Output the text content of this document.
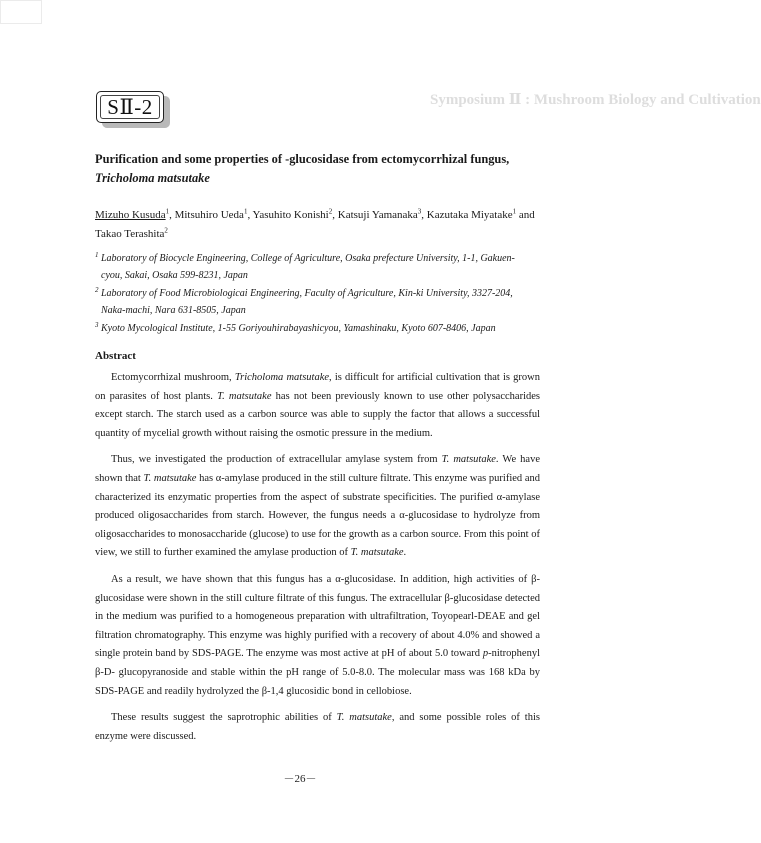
Symposium Ⅱ : Mushroom Biology and Cultivation
SⅡ-2
Purification and some properties of -glucosidase from ectomycorrhizal fungus,
Tricholoma matsutake
Mizuho Kusuda$^1$, Mitsuhiro Ueda$^1$, Yasuhito Konishi$^2$, Katsuji Yamanaka$^3$, Kazutaka Miyatake$^1$ and
Takao Terashita$^2$
1 Laboratory of Biocycle Engineering, College of Agriculture, Osaka prefecture University, 1-1, Gakuen-
cyou, Sakai, Osaka 599-8231, Japan
2 Laboratory of Food Microbiologicai Engineering, Faculty of Agriculture, Kin-ki University, 3327-204,
Naka-machi, Nara 631-8505, Japan
3 Kyoto Mycological Institute, 1-55 Goriyouhirabayashicyou, Yamashinaku, Kyoto 607-8406, Japan
Abstract

Ectomycorrhizal mushroom, Tricholoma matsutake, is difficult for artificial cultivation that is grown on parasites of host plants. T. matsutake has not been previously known to use other polysaccharides except starch. The starch used as a carbon source was able to supply the factor that allows a successful quantity of mycelial growth without raising the osmotic pressure in the medium.

Thus, we investigated the production of extracellular amylase system from T. matsutake. We have shown that T. matsutake has α-amylase produced in the still culture filtrate. This enzyme was purified and characterized its enzymatic properties from the aspect of substrate specificities. The purified α-amylase produced oligosaccharides from starch. However, the fungus needs a α-glucosidase to hydrolyze from oligosaccharides to monosaccharide (glucose) to use for the growth as a carbon source. From this point of view, we still to further examined the amylase production of T. matsutake.

As a result, we have shown that this fungus has a α-glucosidase. In addition, high activities of β-glucosidase were shown in the still culture filtrate of this fungus. The extracellular β-glucosidase detected in the medium was purified to a homogeneous preparation with ultrafiltration, Toyopearl-DEAE and gel filtration chromatography. This enzyme was highly purified with a recovery of about 4.0% and showed a single protein band by SDS-PAGE. The enzyme was most active at pH of about 5.0 toward p-nitrophenyl β-D- glucopyranoside and stable within the pH range of 5.0-8.0. The molecular mass was 168 kDa by SDS-PAGE and readily hydrolyzed the β-1,4 glucosidic bond in cellobiose.

These results suggest the saprotrophic abilities of T. matsutake, and some possible roles of this enzyme were discussed.

－26－
